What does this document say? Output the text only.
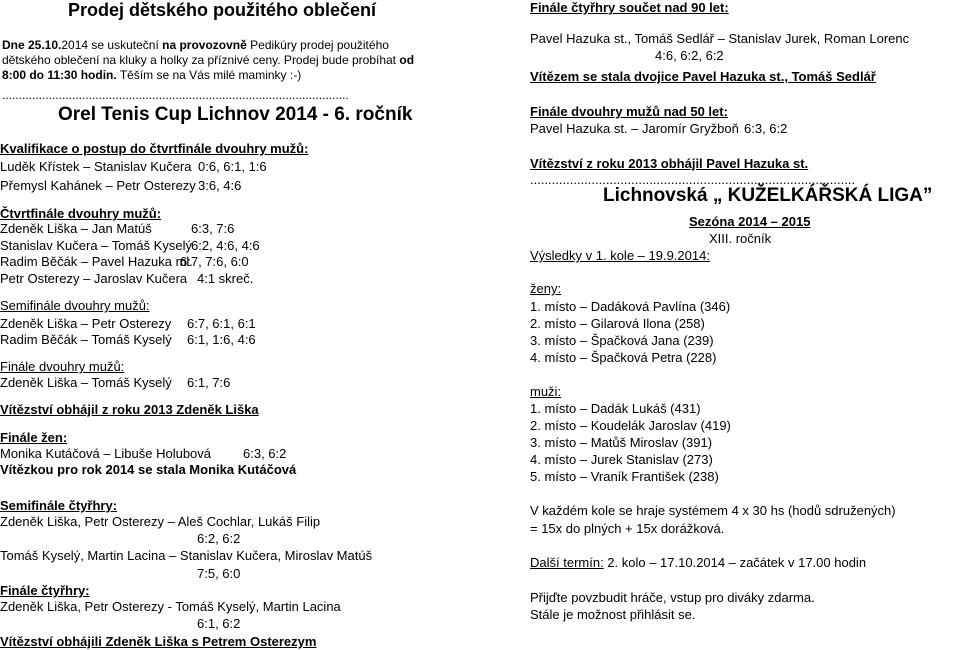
Prodej dětského použitého oblečení
Dne 25.10.2014 se uskuteční na provozovně Pedikúry prodej použitého
dětského oblečení na kluky a holky za příznivé ceny. Prodej bude probíhat od
8:00 do 11:30 hodin. Těším se na Vás milé maminky :-)
........................................................................................................
Orel Tenis Cup Lichnov 2014 - 6. ročník
Kvalifikace o postup do čtvrtfinále dvouhry mužů:
Luděk Křístek – Stanislav Kučera 0:6, 6:1, 1:6
Přemysl Kahánek – Petr Osterezy 3:6, 4:6
Čtvrtfinále dvouhry mužů:
Zdeněk Liška – Jan Matúš	6:3, 7:6
Stanislav Kučera – Tomáš Kyselý 6:2, 4:6, 4:6
Radim Běčák – Pavel Hazuka ml.
6:7, 7:6, 6:0
Petr Osterezy – Jaroslav Kučera 4:1 skreč.
Semifinále dvouhry mužů:
Zdeněk Liška – Petr Osterezy 6:7, 6:1, 6:1
Radim Běčák – Tomáš Kyselý 6:1, 1:6, 4:6
Finále dvouhry mužů:
Zdeněk Liška – Tomáš Kyselý 6:1, 7:6
Vítězství obhájil z roku 2013 Zdeněk Liška
Finále žen:
Monika Kutáčová – Libuše Holubová 6:3, 6:2
Vítězkou pro rok 2014 se stala Monika Kutáčová
Semifinále čtyřhry:
Zdeněk Liška, Petr Osterezy – Aleš Cochlar, Lukáš Filip
6:2, 6:2
Tomáš Kyselý, Martin Lacina – Stanislav Kučera, Miroslav Matúš
7:5, 6:0
Finále čtyřhry:
Zdeněk Liška, Petr Osterezy - Tomáš Kyselý, Martin Lacina
6:1, 6:2
Vítězství obhájili Zdeněk Liška s Petrem Osterezym
Finále čtyřhry součet nad 90 let:
Pavel Hazuka st., Tomáš Sedlář – Stanislav Jurek, Roman Lorenc
4:6, 6:2, 6:2
Vítězem se stala dvojice Pavel Hazuka st., Tomáš Sedlář
Finále dvouhry mužů nad 50 let:
Pavel Hazuka st. – Jaromír Gryžboň 6:3, 6:2
Vítězství z roku 2013 obhájil Pavel Hazuka st.
..........................................................................................
Lichnovská „ KUŽELKÁŘSKÁ LIGA”
Sezóna 2014 – 2015
XIII. ročník
Výsledky v 1. kole – 19.9.2014:
ženy:
1. místo – Dadáková Pavlína (346)
2. místo – Gilarová Ilona (258)
3. místo – Špačková Jana (239)
4. místo – Špačková Petra (228)
muži:
1. místo – Dadák Lukáš (431)
2. místo – Koudelák Jaroslav (419)
3. místo – Matůš Miroslav (391)
4. místo – Jurek Stanislav (273)
5. místo – Vraník František (238)
V každém kole se hraje systémem 4 x 30 hs (hodů sdružených)
= 15x do plných + 15x dorážková.
Další termín: 2. kolo – 17.10.2014 – začátek v 17.00 hodin
Přijďte povzbudit hráče, vstup pro diváky zdarma.
Stále je možnost přihlásit se.
